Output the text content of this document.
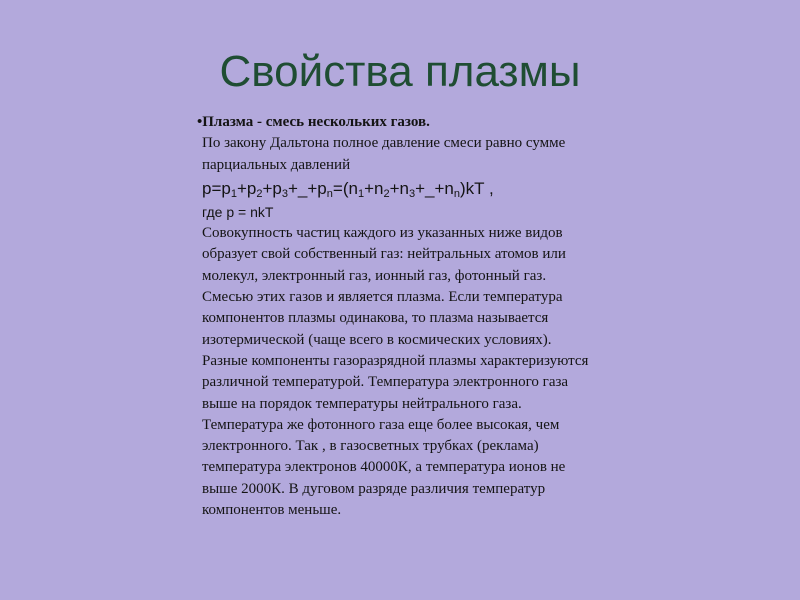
Свойства плазмы
•Плазма - смесь нескольких газов.
По закону Дальтона полное давление смеси равно сумме
парциальных давлений
$p=p_1+p_2+p_3+\_+p_n=(n_1+n_2+n_3+\_+n_n)kT$ ,
где p = nkT
Совокупность частиц каждого из указанных ниже видов
образует свой собственный газ: нейтральных атомов или
молекул, электронный газ, ионный газ, фотонный газ.
Смесью этих газов и является плазма. Если температура
компонентов плазмы одинакова, то плазма называется
изотермической (чаще всего в космических условиях).
Разные компоненты газоразрядной плазмы характеризуются
различной температурой. Температура электронного газа
выше на порядок температуры нейтрального газа.
Температура же фотонного газа еще более высокая, чем
электронного. Так , в газосветных трубках (реклама)
температура электронов 40000К, а температура ионов не
выше 2000К. В дуговом разряде различия температур
компонентов меньше.
